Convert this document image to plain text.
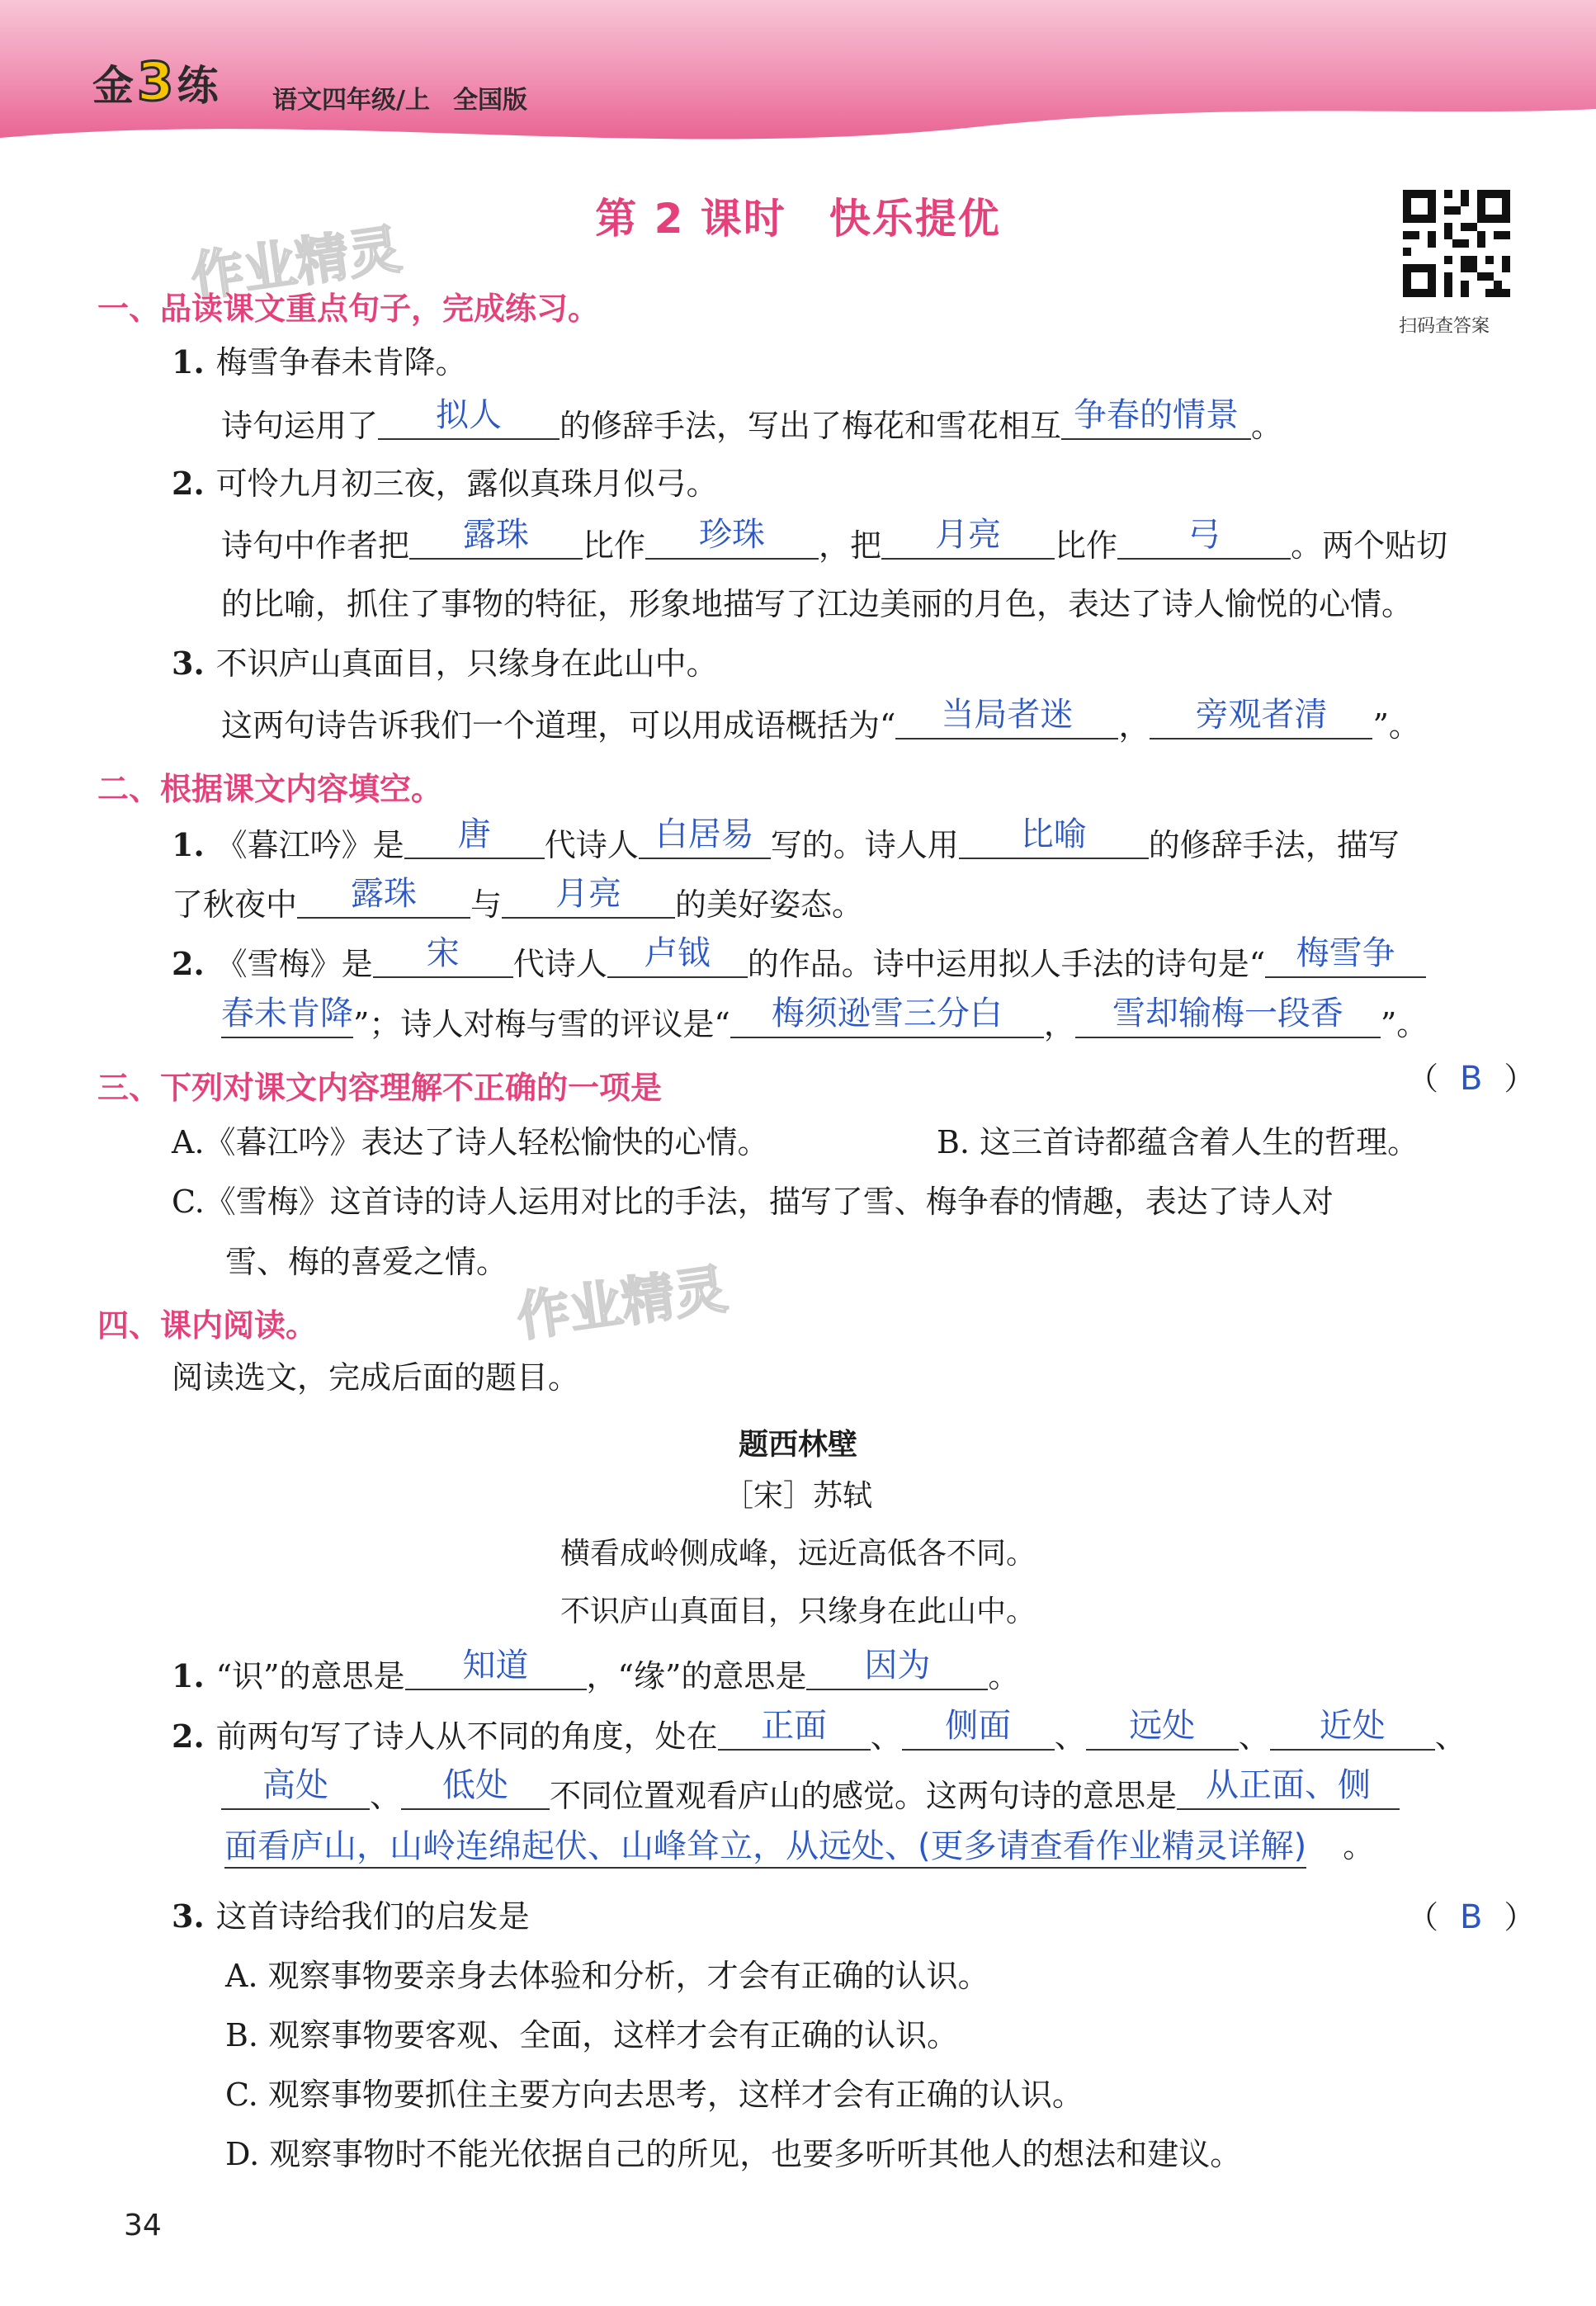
金 3 练 语文四年级/上 全国版
第 2 课时　快乐提优
扫码查答案
作业精灵
作业精灵
一、品读课文重点句子，完成练习。
1. 梅雪争春未肯降。
诗句运用了	拟人	的修辞手法，写出了梅花和雪花相互 争春的情景 。
2. 可怜九月初三夜，露似真珠月似弓。
诗句中作者把	露珠	比作	珍珠	，把	月亮	比作	弓	。两个贴切
的比喻，抓住了事物的特征，形象地描写了江边美丽的月色，表达了诗人愉悦的心情。
3. 不识庐山真面目，只缘身在此山中。
这两句诗告诉我们一个道理，可以用成语概括为“	当局者迷	，	旁观者清	”。
二、根据课文内容填空。
1. 《暮江吟》是	唐	代诗人 白居易 写的。诗人用	比喻	的修辞手法，描写
了秋夜中	露珠	与	月亮	的美好姿态。
2. 《雪梅》是	宋	代诗人	卢钺	的作品。诗中运用拟人手法的诗句是“ 梅雪争
春未肯降 ”；诗人对梅与雪的评议是“	梅须逊雪三分白	，	雪却输梅一段香	”。
三、下列对课文内容理解不正确的一项是	（ B ）
A.《暮江吟》表达了诗人轻松愉快的心情。	B. 这三首诗都蕴含着人生的哲理。
C.《雪梅》这首诗的诗人运用对比的手法，描写了雪、梅争春的情趣，表达了诗人对
雪、梅的喜爱之情。
四、课内阅读。
阅读选文，完成后面的题目。
题西林壁
［宋］苏轼
横看成岭侧成峰，远近高低各不同。
不识庐山真面目，只缘身在此山中。
1. “识”的意思是	知道	，“缘”的意思是	因为	。
2. 前两句写了诗人从不同的角度，处在	正面	、	侧面	、	远处	、	近处	、
高处	、	低处	不同位置观看庐山的感觉。这两句诗的意思是 从正面、侧
面看庐山，山岭连绵起伏、山峰耸立，从远处、(更多请查看作业精灵详解) 。
3. 这首诗给我们的启发是	（ B ）
A. 观察事物要亲身去体验和分析，才会有正确的认识。
B. 观察事物要客观、全面，这样才会有正确的认识。
C. 观察事物要抓住主要方向去思考，这样才会有正确的认识。
D. 观察事物时不能光依据自己的所见，也要多听听其他人的想法和建议。
34
